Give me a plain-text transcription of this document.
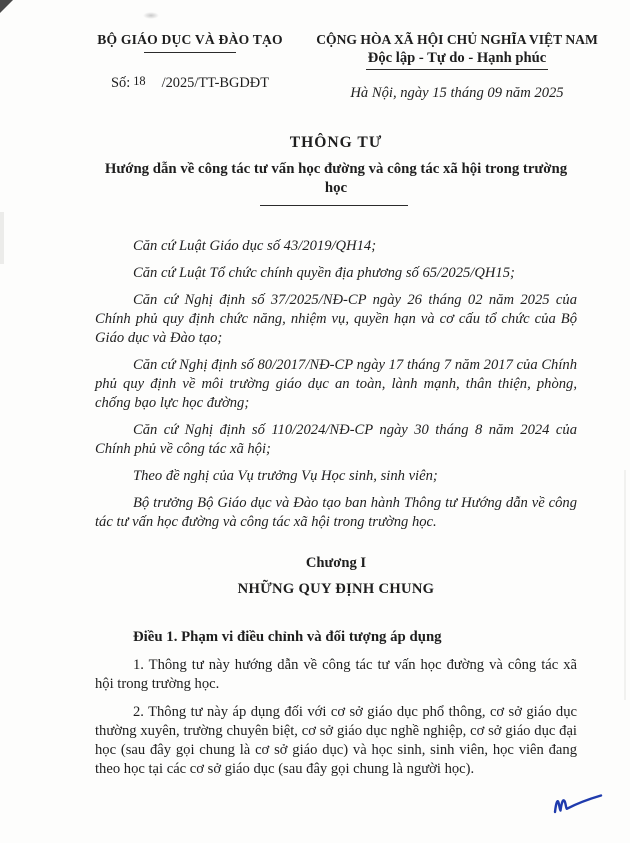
BỘ GIÁO DỤC VÀ ĐÀO TẠO
Số: 18 /2025/TT-BGDĐT
CỘNG HÒA XÃ HỘI CHỦ NGHĨA VIỆT NAM
Độc lập - Tự do - Hạnh phúc
Hà Nội, ngày 15 tháng 09 năm 2025
THÔNG TƯ
Hướng dẫn về công tác tư vấn học đường và công tác xã hội trong trường học

Căn cứ Luật Giáo dục số 43/2019/QH14;

Căn cứ Luật Tổ chức chính quyền địa phương số 65/2025/QH15;

Căn cứ Nghị định số 37/2025/NĐ-CP ngày 26 tháng 02 năm 2025 của Chính phủ quy định chức năng, nhiệm vụ, quyền hạn và cơ cấu tổ chức của Bộ Giáo dục và Đào tạo;

Căn cứ Nghị định số 80/2017/NĐ-CP ngày 17 tháng 7 năm 2017 của Chính phủ quy định về môi trường giáo dục an toàn, lành mạnh, thân thiện, phòng, chống bạo lực học đường;

Căn cứ Nghị định số 110/2024/NĐ-CP ngày 30 tháng 8 năm 2024 của Chính phủ về công tác xã hội;

Theo đề nghị của Vụ trưởng Vụ Học sinh, sinh viên;

Bộ trưởng Bộ Giáo dục và Đào tạo ban hành Thông tư Hướng dẫn về công tác tư vấn học đường và công tác xã hội trong trường học.

Chương I
NHỮNG QUY ĐỊNH CHUNG

Điều 1. Phạm vi điều chỉnh và đối tượng áp dụng

1. Thông tư này hướng dẫn về công tác tư vấn học đường và công tác xã hội trong trường học.

2. Thông tư này áp dụng đối với cơ sở giáo dục phổ thông, cơ sở giáo dục thường xuyên, trường chuyên biệt, cơ sở giáo dục nghề nghiệp, cơ sở giáo dục đại học (sau đây gọi chung là cơ sở giáo dục) và học sinh, sinh viên, học viên đang theo học tại các cơ sở giáo dục (sau đây gọi chung là người học).
